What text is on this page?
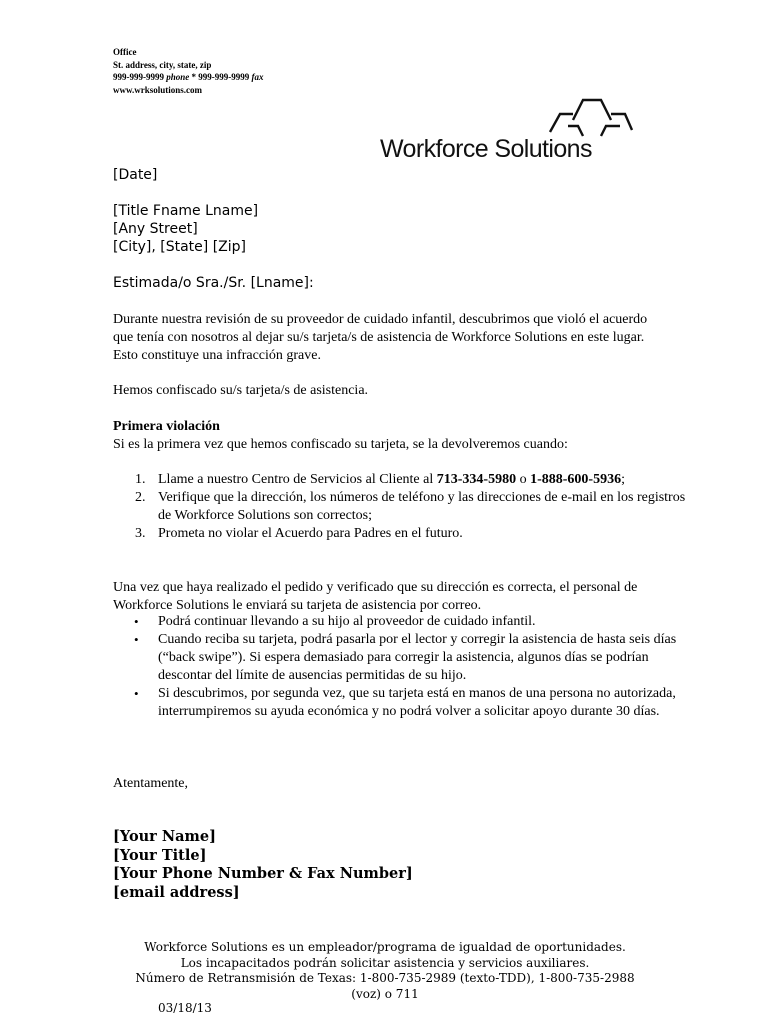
Office
St. address, city, state, zip
999-999-9999 phone * 999-999-9999 fax
www.wrksolutions.com
Workforce Solutions
[Date]
[Title Fname Lname]
[Any Street]
[City], [State] [Zip]
Estimada/o Sra./Sr. [Lname]:
Durante nuestra revisión de su proveedor de cuidado infantil, descubrimos que violó el acuerdo que tenía con nosotros al dejar su/s tarjeta/s de asistencia de Workforce Solutions en este lugar. Esto constituye una infracción grave.
Hemos confiscado su/s tarjeta/s de asistencia.
Primera violación
Si es la primera vez que hemos confiscado su tarjeta, se la devolveremos cuando:
1. Llame a nuestro Centro de Servicios al Cliente al 713-334-5980 o 1-888-600-5936;
2. Verifique que la dirección, los números de teléfono y las direcciones de e-mail en los registros de Workforce Solutions son correctos;
3. Prometa no violar el Acuerdo para Padres en el futuro.
Una vez que haya realizado el pedido y verificado que su dirección es correcta, el personal de Workforce Solutions le enviará su tarjeta de asistencia por correo.
• Podrá continuar llevando a su hijo al proveedor de cuidado infantil.
• Cuando reciba su tarjeta, podrá pasarla por el lector y corregir la asistencia de hasta seis días (“back swipe”). Si espera demasiado para corregir la asistencia, algunos días se podrían descontar del límite de ausencias permitidas de su hijo.
• Si descubrimos, por segunda vez, que su tarjeta está en manos de una persona no autorizada, interrumpiremos su ayuda económica y no podrá volver a solicitar apoyo durante 30 días.
Atentamente,
[Your Name]
[Your Title]
[Your Phone Number & Fax Number]
[email address]
Workforce Solutions es un empleador/programa de igualdad de oportunidades.
Los incapacitados podrán solicitar asistencia y servicios auxiliares.
Número de Retransmisión de Texas: 1-800-735-2989 (texto-TDD), 1-800-735-2988
(voz) o 711
03/18/13
